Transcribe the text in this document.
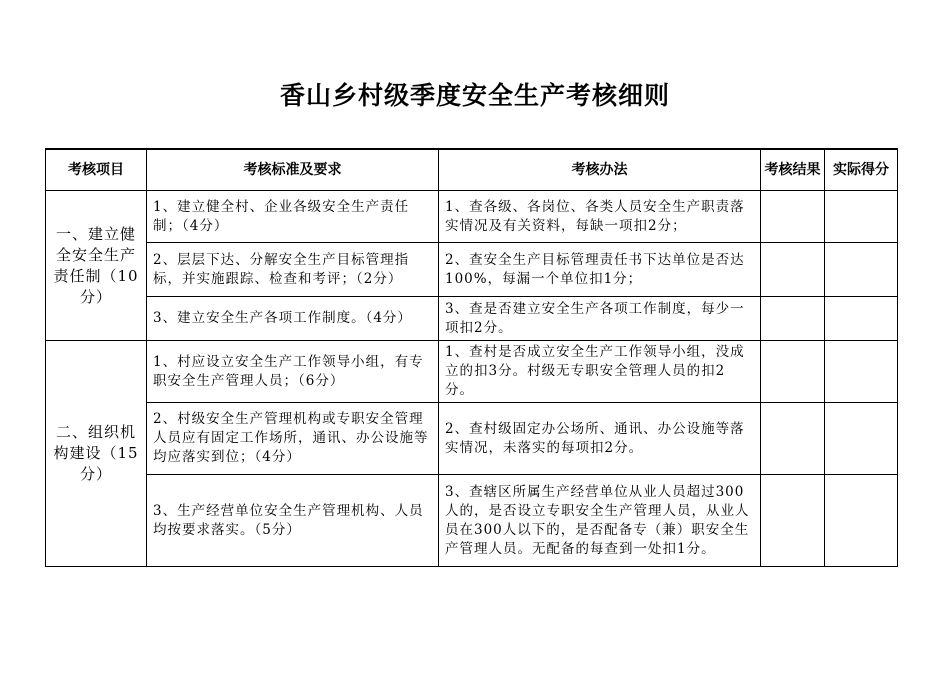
香山乡村级季度安全生产考核细则
考核项目	考核标准及要求	考核办法	考核结果	实际得分
一、建立健全安全生产责任制（10分）	1、建立健全村、企业各级安全生产责任制；（4分）	1、查各级、各岗位、各类人员安全生产职责落实情况及有关资料，每缺一项扣2分；		
	2、层层下达、分解安全生产目标管理指标，并实施跟踪、检查和考评；（2分）	2、查安全生产目标管理责任书下达单位是否达100%，每漏一个单位扣1分；		
	3、建立安全生产各项工作制度。（4分）	3、查是否建立安全生产各项工作制度，每少一项扣2分。		
二、组织机构建设（15分）	1、村应设立安全生产工作领导小组，有专职安全生产管理人员；（6分）	1、查村是否成立安全生产工作领导小组，没成立的扣3分。村级无专职安全管理人员的扣2分。		
	2、村级安全生产管理机构或专职安全管理人员应有固定工作场所，通讯、办公设施等均应落实到位；（4分）	2、查村级固定办公场所、通讯、办公设施等落实情况，未落实的每项扣2分。		
	3、生产经营单位安全生产管理机构、人员均按要求落实。（5分）	3、查辖区所属生产经营单位从业人员超过300人的，是否设立专职安全生产管理人员，从业人员在300人以下的，是否配备专（兼）职安全生产管理人员。无配备的每查到一处扣1分。		
